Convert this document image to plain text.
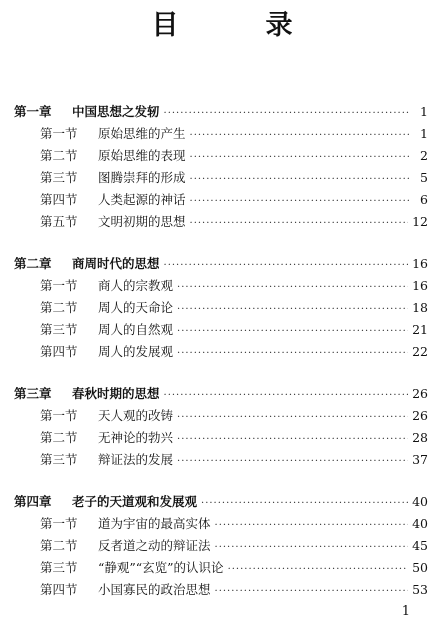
目　录
第一章	中国思想之发轫 ·····	1
第一节	原始思维的产生 ·····	1
第二节	原始思维的表现 ·····	2
第三节	图腾崇拜的形成 ·····	5
第四节	人类起源的神话 ·····	6
第五节	文明初期的思想 ·····	12
第二章	商周时代的思想 ·····	16
第一节	商人的宗教观 ·····	16
第二节	周人的天命论 ·····	18
第三节	周人的自然观 ·····	21
第四节	周人的发展观 ·····	22
第三章	春秋时期的思想 ·····	26
第一节	天人观的改铸 ·····	26
第二节	无神论的勃兴 ·····	28
第三节	辩证法的发展 ·····	37
第四章	老子的天道观和发展观 ·····	40
第一节	道为宇宙的最高实体 ·····	40
第二节	反者道之动的辩证法 ·····	45
第三节	“静观”“玄览”的认识论 ·····	50
第四节	小国寡民的政治思想 ·····	53
1
